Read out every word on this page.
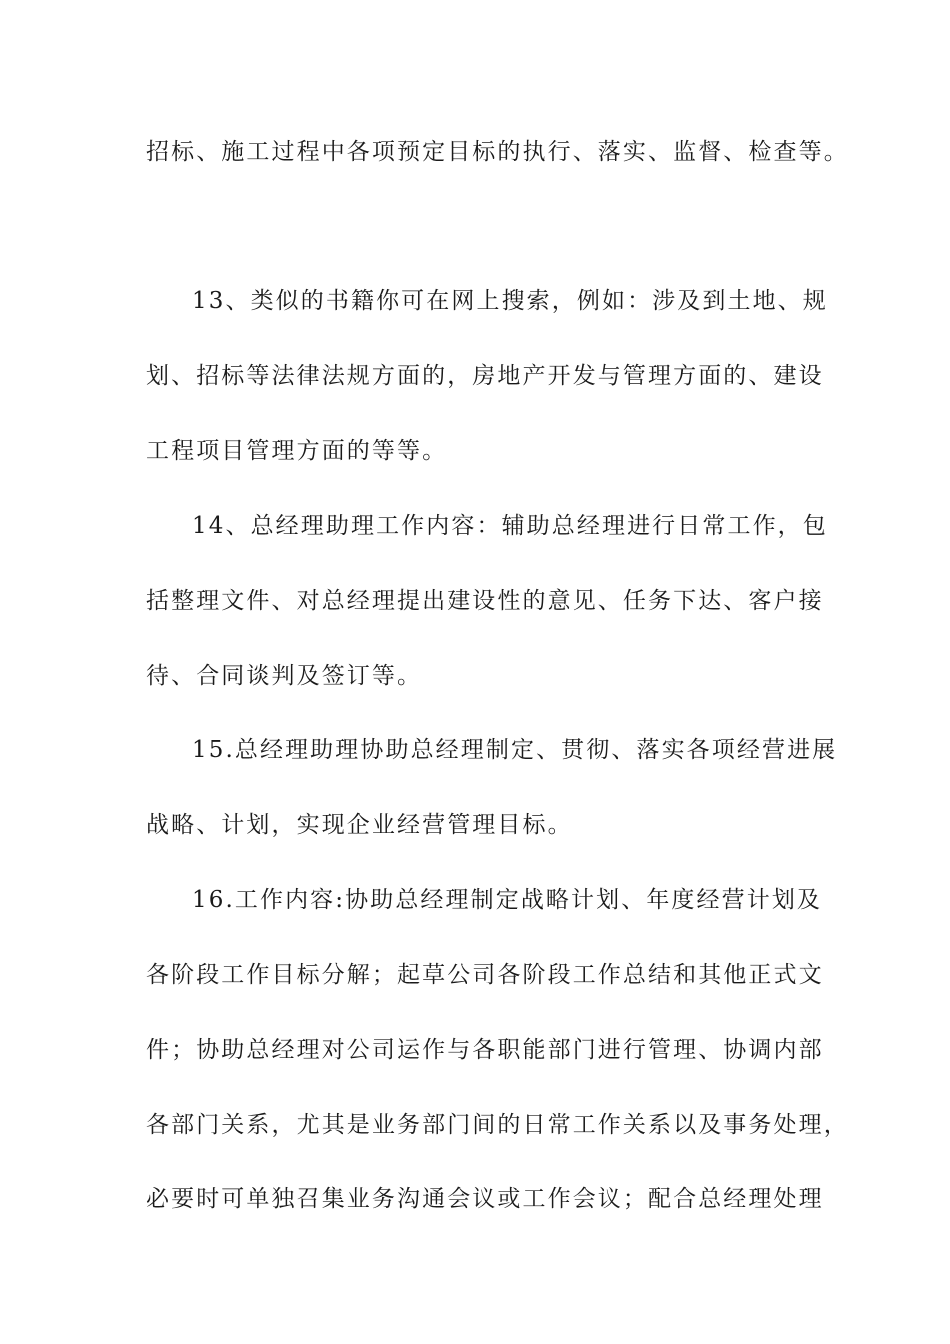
招标、施工过程中各项预定目标的执行、落实、监督、检查等。
13、类似的书籍你可在网上搜索，例如：涉及到土地、规
划、招标等法律法规方面的，房地产开发与管理方面的、建设
工程项目管理方面的等等。
14、总经理助理工作内容：辅助总经理进行日常工作，包
括整理文件、对总经理提出建设性的意见、任务下达、客户接
待、合同谈判及签订等。
15.总经理助理协助总经理制定、贯彻、落实各项经营进展
战略、计划，实现企业经营管理目标。
16.工作内容:协助总经理制定战略计划、年度经营计划及
各阶段工作目标分解；起草公司各阶段工作总结和其他正式文
件；协助总经理对公司运作与各职能部门进行管理、协调内部
各部门关系，尤其是业务部门间的日常工作关系以及事务处理，
必要时可单独召集业务沟通会议或工作会议；配合总经理处理
